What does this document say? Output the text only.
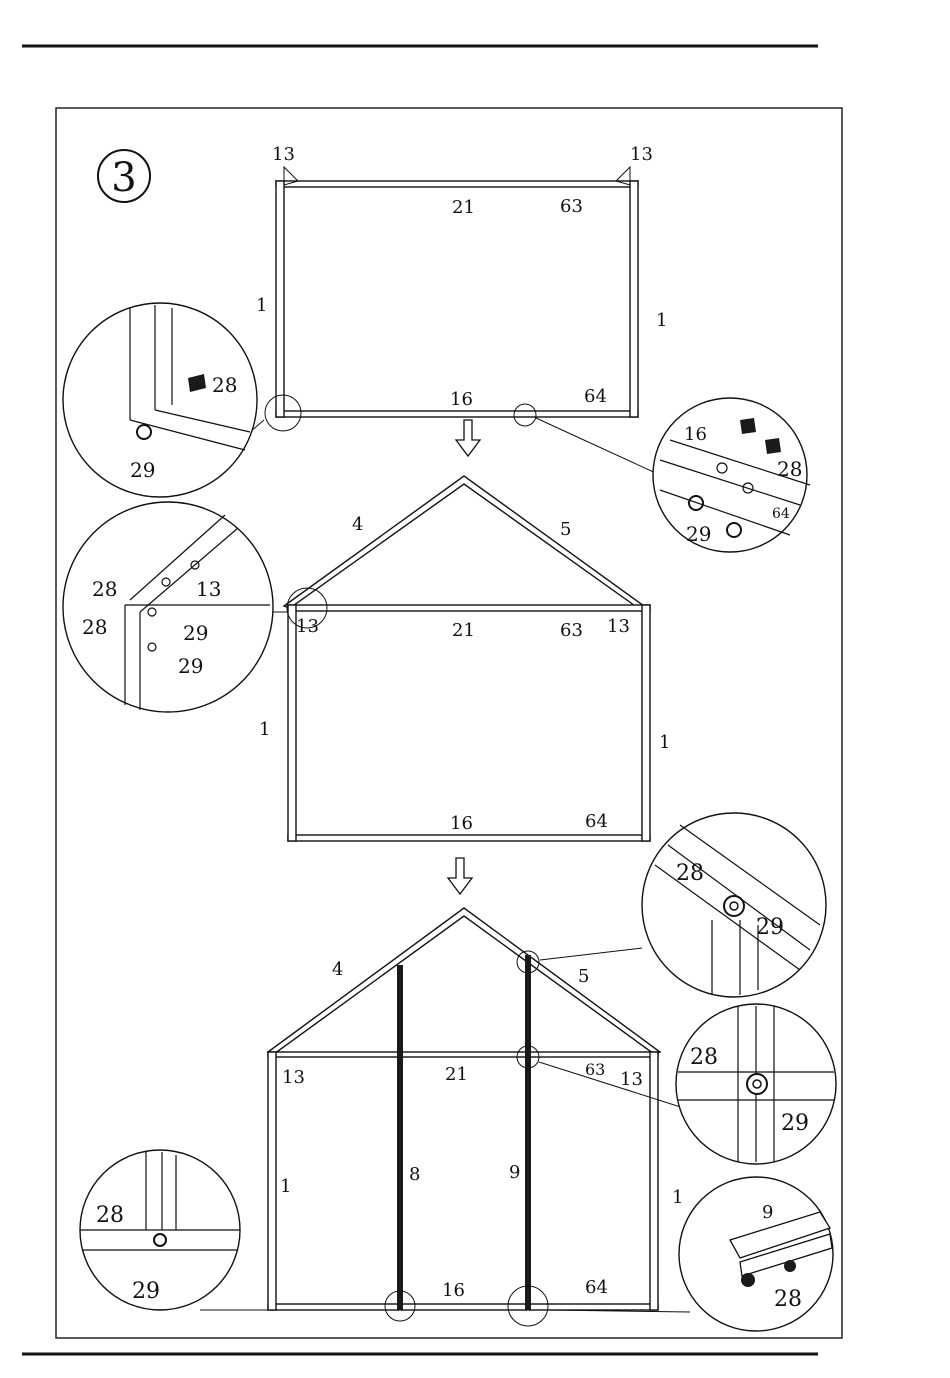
3
13	13
21	63
1
1
16	64
28
29
16
28
29
64
4	5
13	21	63 13
1
1
16	64
28	13
29
28
29
4	5
13	21	63 13
1
8	9
1
16	64
28
29
28
29
28
29
9
28
